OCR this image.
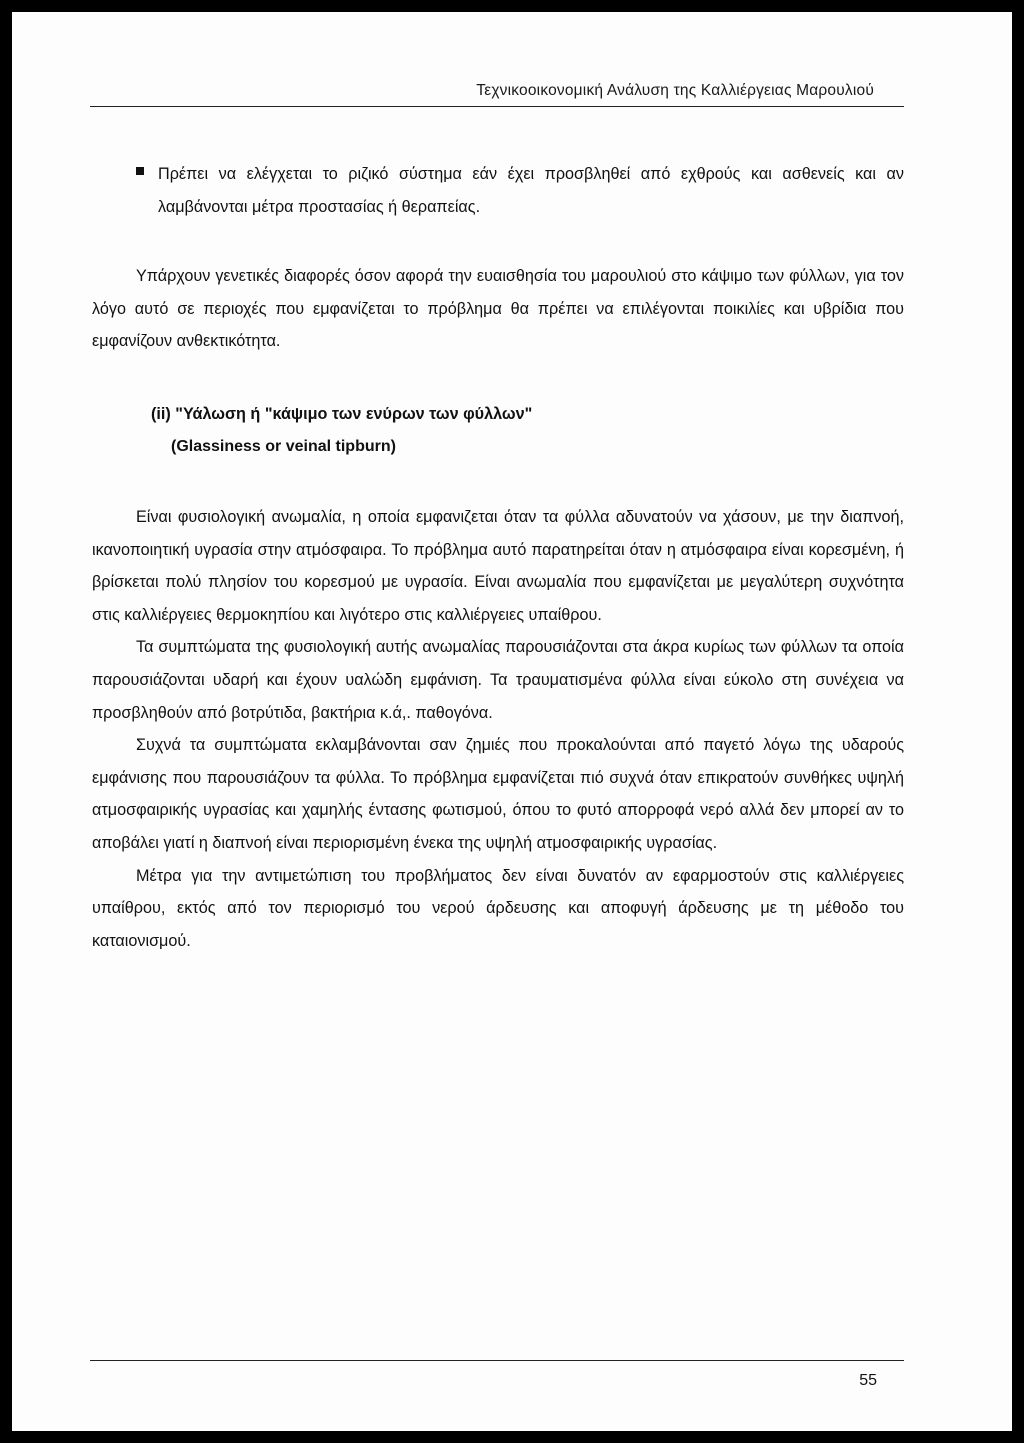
Τεχνικοοικονομική Ανάλυση της Καλλιέργειας Μαρουλιού

Πρέπει να ελέγχεται το ριζικό σύστημα εάν έχει προσβληθεί από εχθρούς και ασθενείς και αν λαμβάνονται μέτρα προστασίας ή θεραπείας.

Υπάρχουν γενετικές διαφορές όσον αφορά την ευαισθησία του μαρουλιού στο κάψιμο των φύλλων, για τον λόγο αυτό σε περιοχές που εμφανίζεται το πρόβλημα θα πρέπει να επιλέγονται ποικιλίες και υβρίδια που εμφανίζουν ανθεκτικότητα.

(ii) "Υάλωση ή "κάψιμο των ενύρων των φύλλων"
(Glassiness or veinal tipburn)

Είναι φυσιολογική ανωμαλία, η οποία εμφανιζεται όταν τα φύλλα αδυνατούν να χάσουν, με την διαπνοή, ικανοποιητική υγρασία στην ατμόσφαιρα. Το πρόβλημα αυτό παρατηρείται όταν η ατμόσφαιρα είναι κορεσμένη, ή βρίσκεται πολύ πλησίον του κορεσμού με υγρασία. Είναι ανωμαλία που εμφανίζεται με μεγαλύτερη συχνότητα στις καλλιέργειες θερμοκηπίου και λιγότερο στις καλλιέργειες υπαίθρου.

Τα συμπτώματα της φυσιολογική αυτής ανωμαλίας παρουσιάζονται στα άκρα κυρίως των φύλλων τα οποία παρουσιάζονται υδαρή και έχουν υαλώδη εμφάνιση. Τα τραυματισμένα φύλλα είναι εύκολο στη συνέχεια να προσβληθούν από βοτρύτιδα, βακτήρια κ.ά,. παθογόνα.

Συχνά τα συμπτώματα εκλαμβάνονται σαν ζημιές που προκαλούνται από παγετό λόγω της υδαρούς εμφάνισης που παρουσιάζουν τα φύλλα. Το πρόβλημα εμφανίζεται πιό συχνά όταν επικρατούν συνθήκες υψηλή ατμοσφαιρικής υγρασίας και χαμηλής έντασης φωτισμού, όπου το φυτό απορροφά νερό αλλά δεν μπορεί αν το αποβάλει γιατί η διαπνοή είναι περιορισμένη ένεκα της υψηλή ατμοσφαιρικής υγρασίας.

Μέτρα για την αντιμετώπιση του προβλήματος δεν είναι δυνατόν αν εφαρμοστούν στις καλλιέργειες υπαίθρου, εκτός από τον περιορισμό του νερού άρδευσης και αποφυγή άρδευσης με τη μέθοδο του καταιονισμού.

55
